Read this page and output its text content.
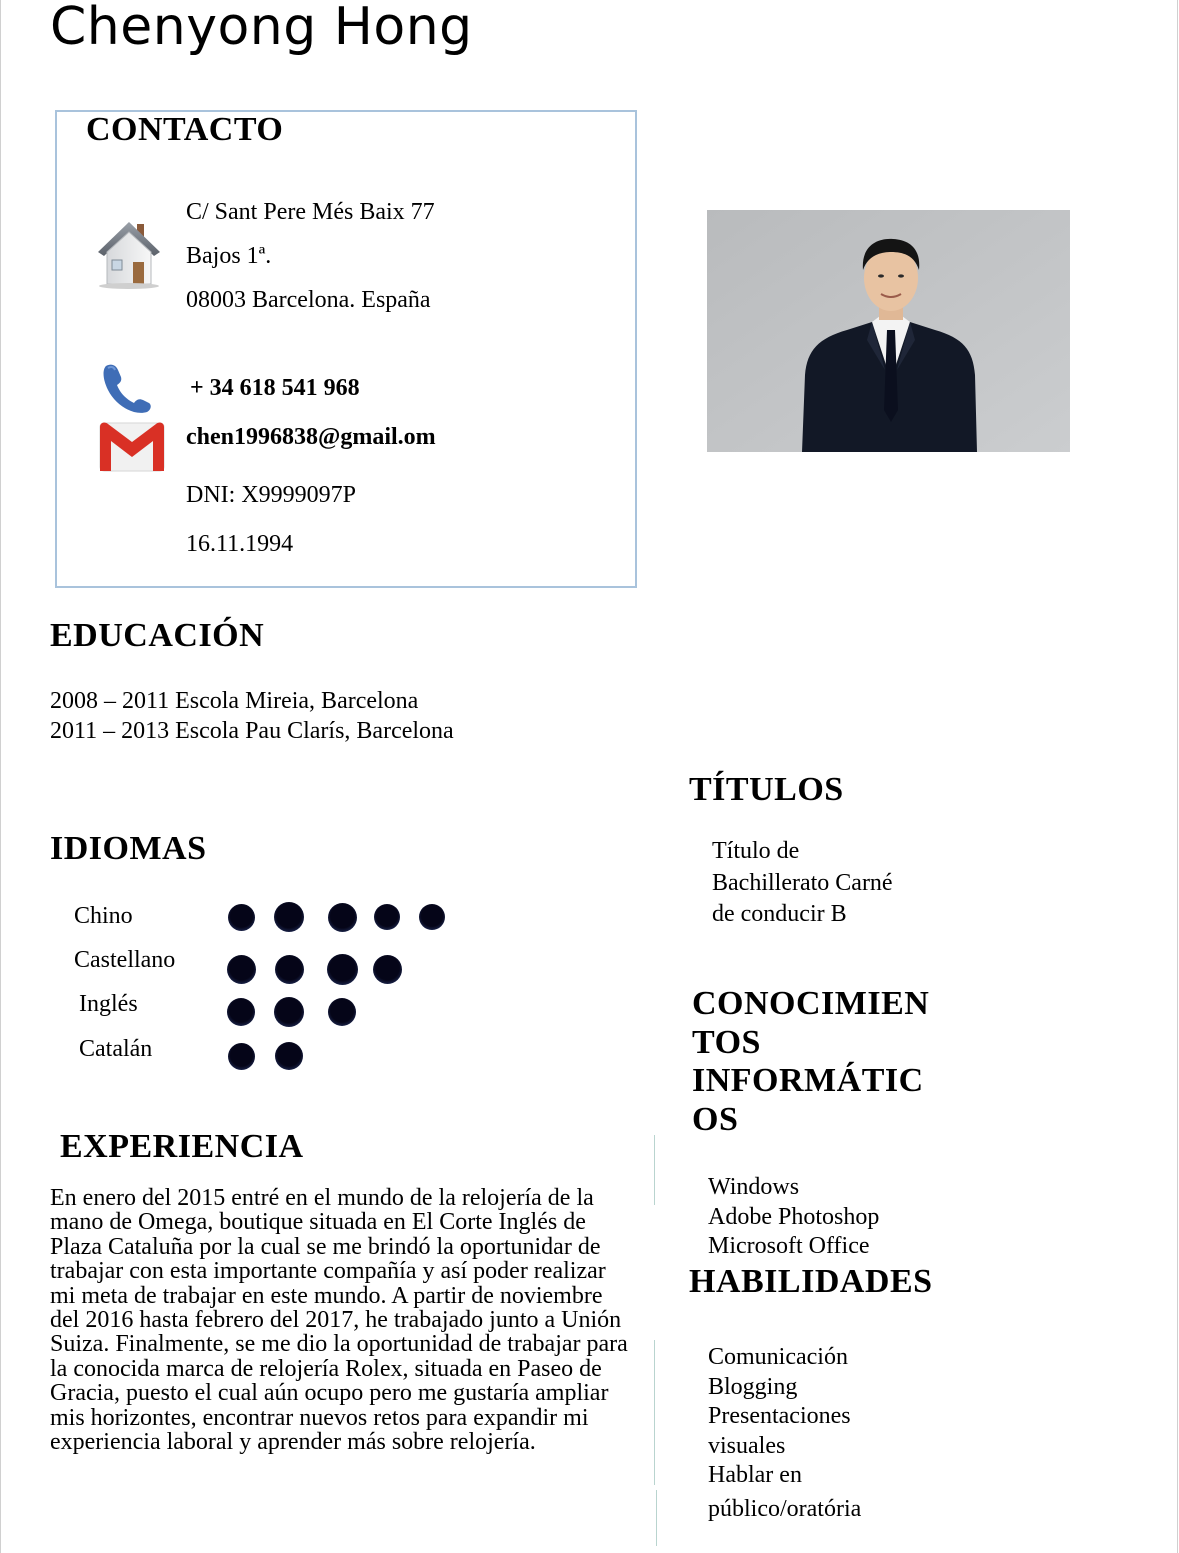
Chenyong Hong
CONTACTO
C/ Sant Pere Més Baix 77
Bajos 1ª.
08003 Barcelona. España
+ 34 618 541 968
chen1996838@gmail.om
DNI: X9999097P
16.11.1994
EDUCACIÓN
2008 – 2011 Escola Mireia, Barcelona
2011 – 2013 Escola Pau Clarís, Barcelona
IDIOMAS
Chino
Castellano
Inglés
Catalán
EXPERIENCIA
En enero del 2015 entré en el mundo de la relojería de la mano de Omega, boutique situada en El Corte Inglés de Plaza Cataluña por la cual se me brindó la oportunidar de trabajar con esta importante compañía y así poder realizar mi meta de trabajar en este mundo. A partir de noviembre del 2016 hasta febrero del 2017, he trabajado junto a Unión Suiza. Finalmente, se me dio la oportunidad de trabajar para la conocida marca de relojería Rolex, situada en Paseo de Gracia, puesto el cual aún ocupo pero me gustaría ampliar mis horizontes, encontrar nuevos retos para expandir mi experiencia laboral y aprender más sobre relojería.
TÍTULOS
Título de
Bachillerato Carné
de conducir B
CONOCIMIEN
TOS
INFORMÁTIC
OS
Windows
Adobe Photoshop
Microsoft Office
HABILIDADES
Comunicación
Blogging
Presentaciones
visuales
Hablar en
público/oratória
